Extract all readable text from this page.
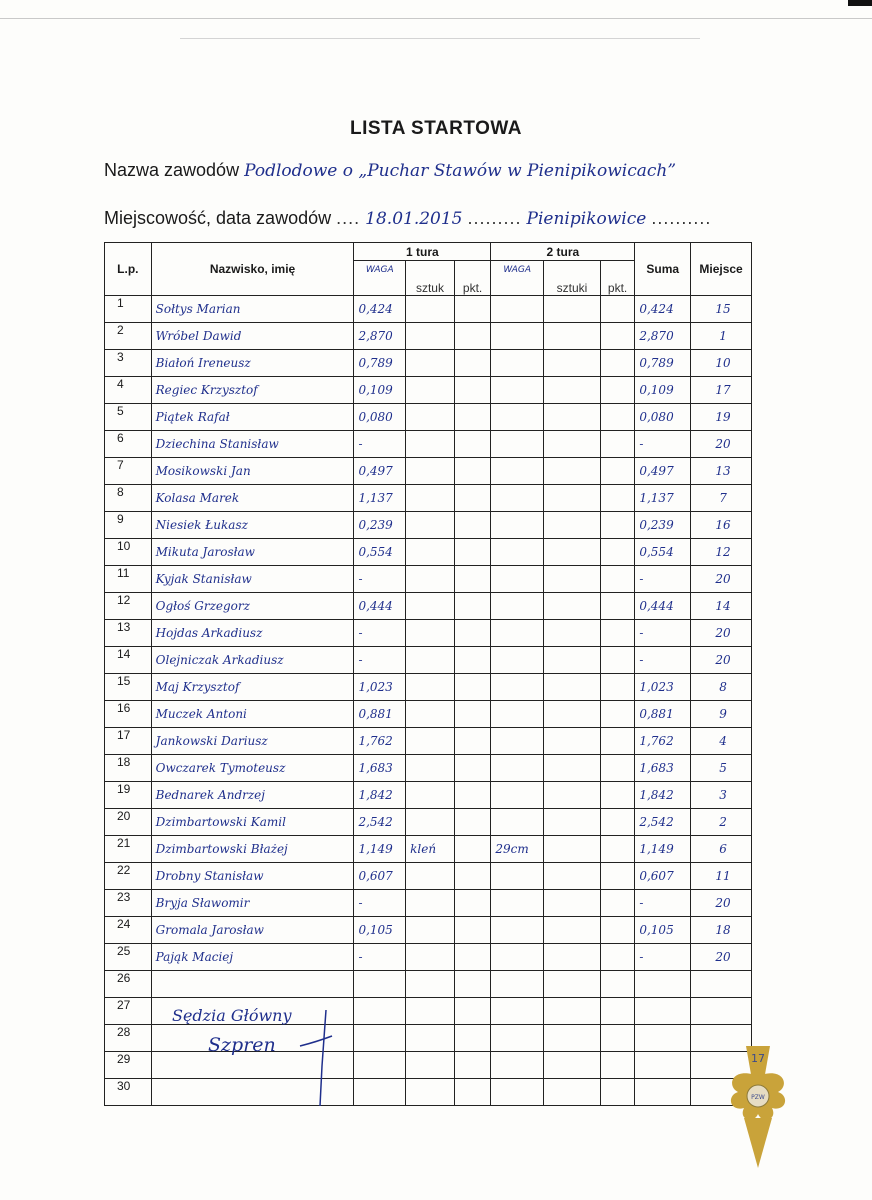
LISTA STARTOWA
Nazwa zawodów Podlodowe o „Puchar Stawów w Pienipikowicach”
Miejscowość, data zawodów .... 18.01.2015 ......... Pienipikowice ..........
L.p.	Nazwisko, imię	1 tura			2 tura			Suma	Miejsce
		WAGA	sztuk	pkt.	WAGA	sztuki	pkt.		
1	Sołtys Marian	0,424						0,424	15
2	Wróbel Dawid	2,870						2,870	1
3	Białoń Ireneusz	0,789						0,789	10
4	Regiec Krzysztof	0,109						0,109	17
5	Piątek Rafał	0,080						0,080	19
6	Dziechina Stanisław	-						-	20
7	Mosikowski Jan	0,497						0,497	13
8	Kolasa Marek	1,137						1,137	7
9	Niesiek Łukasz	0,239						0,239	16
10	Mikuta Jarosław	0,554						0,554	12
11	Kyjak Stanisław	-						-	20
12	Ogłoś Grzegorz	0,444						0,444	14
13	Hojdas Arkadiusz	-						-	20
14	Olejniczak Arkadiusz	-						-	20
15	Maj Krzysztof	1,023						1,023	8
16	Muczek Antoni	0,881						0,881	9
17	Jankowski Dariusz	1,762						1,762	4
18	Owczarek Tymoteusz	1,683						1,683	5
19	Bednarek Andrzej	1,842						1,842	3
20	Dzimbartowski Kamil	2,542						2,542	2
21	Dzimbartowski Błażej	1,149	kleń		29cm			1,149	6
22	Drobny Stanisław	0,607						0,607	11
23	Bryja Sławomir	-						-	20
24	Gromala Jarosław	0,105						0,105	18
25	Pająk Maciej	-						-	20
26									
27									
28									
29									
30									
Sędzia Główny
Szpren
17
PZW
